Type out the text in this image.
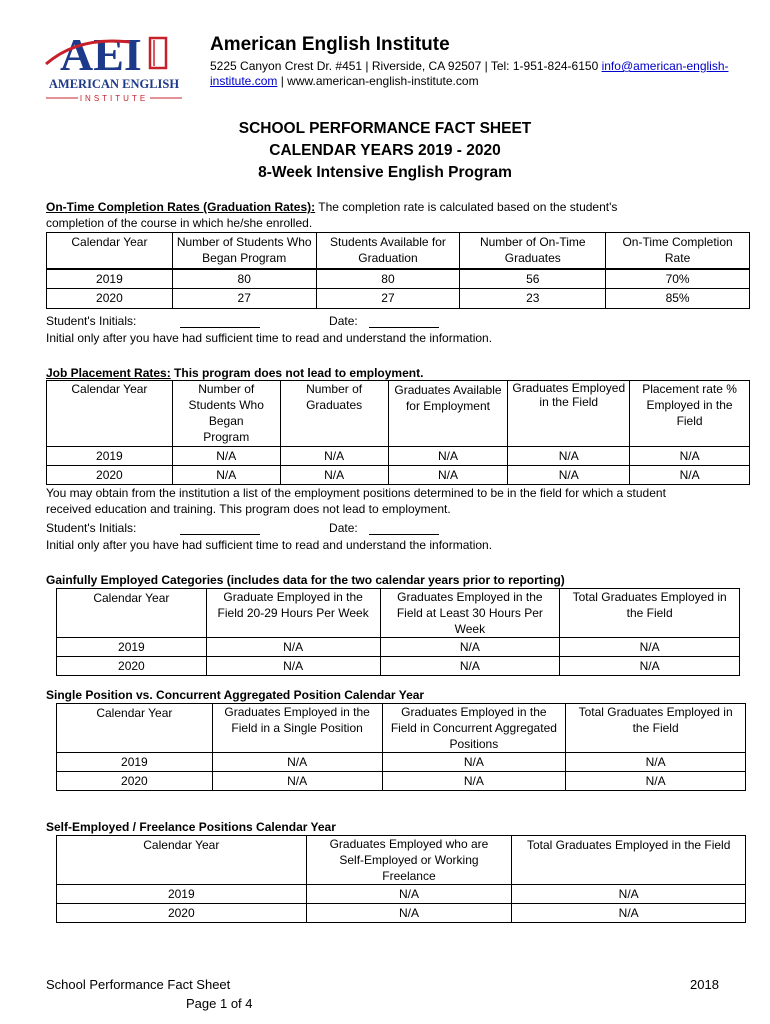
AEI
AMERICAN ENGLISH
INSTITUTE
American English Institute
5225 Canyon Crest Dr. #451 | Riverside, CA 92507 | Tel: 1-951-824-6150 info@american-english-institute.com | www.american-english-institute.com
SCHOOL PERFORMANCE FACT SHEET
CALENDAR YEARS 2019 - 2020
8-Week Intensive English Program
On-Time Completion Rates (Graduation Rates): The completion rate is calculated based on the student's
completion of the course in which he/she enrolled.
Calendar Year	Number of Students Who Began Program	Students Available for Graduation	Number of On-Time Graduates	On-Time Completion Rate
2019	80	80	56	70%
2020	27	27	23	85%
Student's Initials:	Date:
Initial only after you have had sufficient time to read and understand the information.
Job Placement Rates: This program does not lead to employment.
Calendar Year	Number of Students Who Began Program	Number of Graduates	Graduates Available for Employment	Graduates Employed in the Field	Placement rate % Employed in the Field
2019	N/A	N/A	N/A	N/A	N/A
2020	N/A	N/A	N/A	N/A	N/A
You may obtain from the institution a list of the employment positions determined to be in the field for which a student
received education and training. This program does not lead to employment.
Student's Initials:	Date:
Initial only after you have had sufficient time to read and understand the information.
Gainfully Employed Categories (includes data for the two calendar years prior to reporting)
Calendar Year	Graduate Employed in the Field 20-29 Hours Per Week	Graduates Employed in the Field at Least 30 Hours Per Week	Total Graduates Employed in the Field
2019	N/A	N/A	N/A
2020	N/A	N/A	N/A
Single Position vs. Concurrent Aggregated Position Calendar Year
Calendar Year	Graduates Employed in the Field in a Single Position	Graduates Employed in the Field in Concurrent Aggregated Positions	Total Graduates Employed in the Field
2019	N/A	N/A	N/A
2020	N/A	N/A	N/A
Self-Employed / Freelance Positions Calendar Year
Calendar Year	Graduates Employed who are Self-Employed or Working Freelance	Total Graduates Employed in the Field
2019	N/A	N/A
2020	N/A	N/A
School Performance Fact Sheet	2018
Page 1 of 4
